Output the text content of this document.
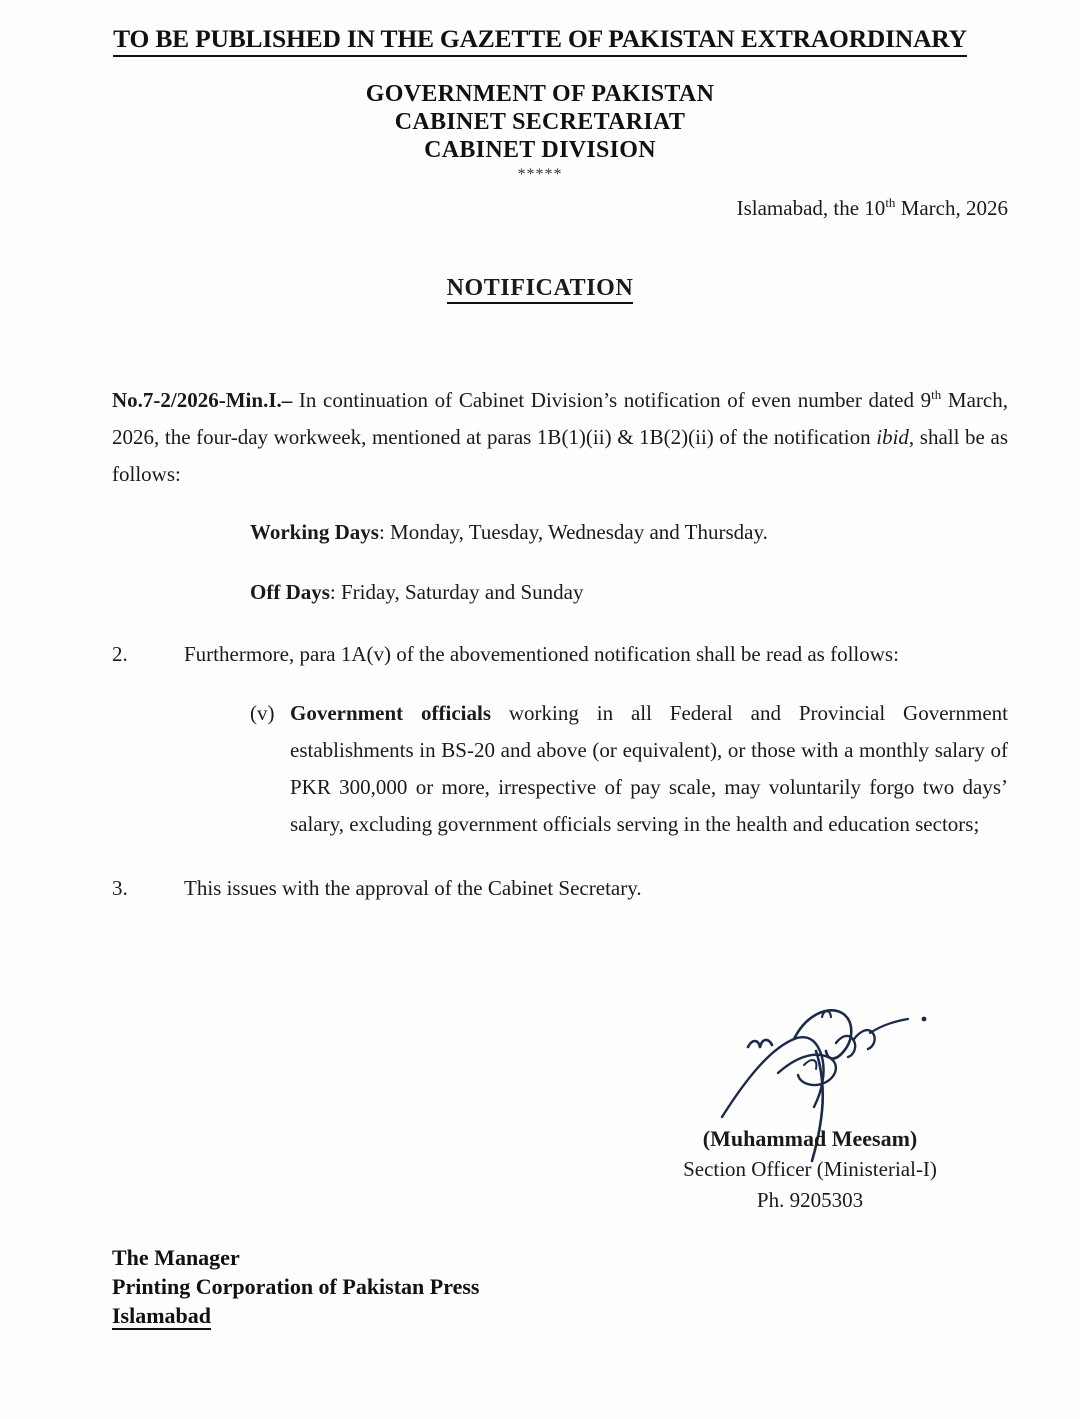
TO BE PUBLISHED IN THE GAZETTE OF PAKISTAN EXTRAORDINARY
GOVERNMENT OF PAKISTAN
CABINET SECRETARIAT
CABINET DIVISION
*****
Islamabad, the 10th March, 2026
NOTIFICATION
No.7-2/2026-Min.I.– In continuation of Cabinet Division’s notification of even number dated 9th March, 2026, the four-day workweek, mentioned at paras 1B(1)(ii) & 1B(2)(ii) of the notification ibid, shall be as follows:
Working Days: Monday, Tuesday, Wednesday and Thursday.
Off Days: Friday, Saturday and Sunday
2.	Furthermore, para 1A(v) of the abovementioned notification shall be read as follows:
(v) Government officials working in all Federal and Provincial Government establishments in BS-20 and above (or equivalent), or those with a monthly salary of PKR 300,000 or more, irrespective of pay scale, may voluntarily forgo two days’ salary, excluding government officials serving in the health and education sectors;
3.	This issues with the approval of the Cabinet Secretary.
(Muhammad Meesam)
Section Officer (Ministerial-I)
Ph. 9205303
The Manager
Printing Corporation of Pakistan Press
Islamabad
